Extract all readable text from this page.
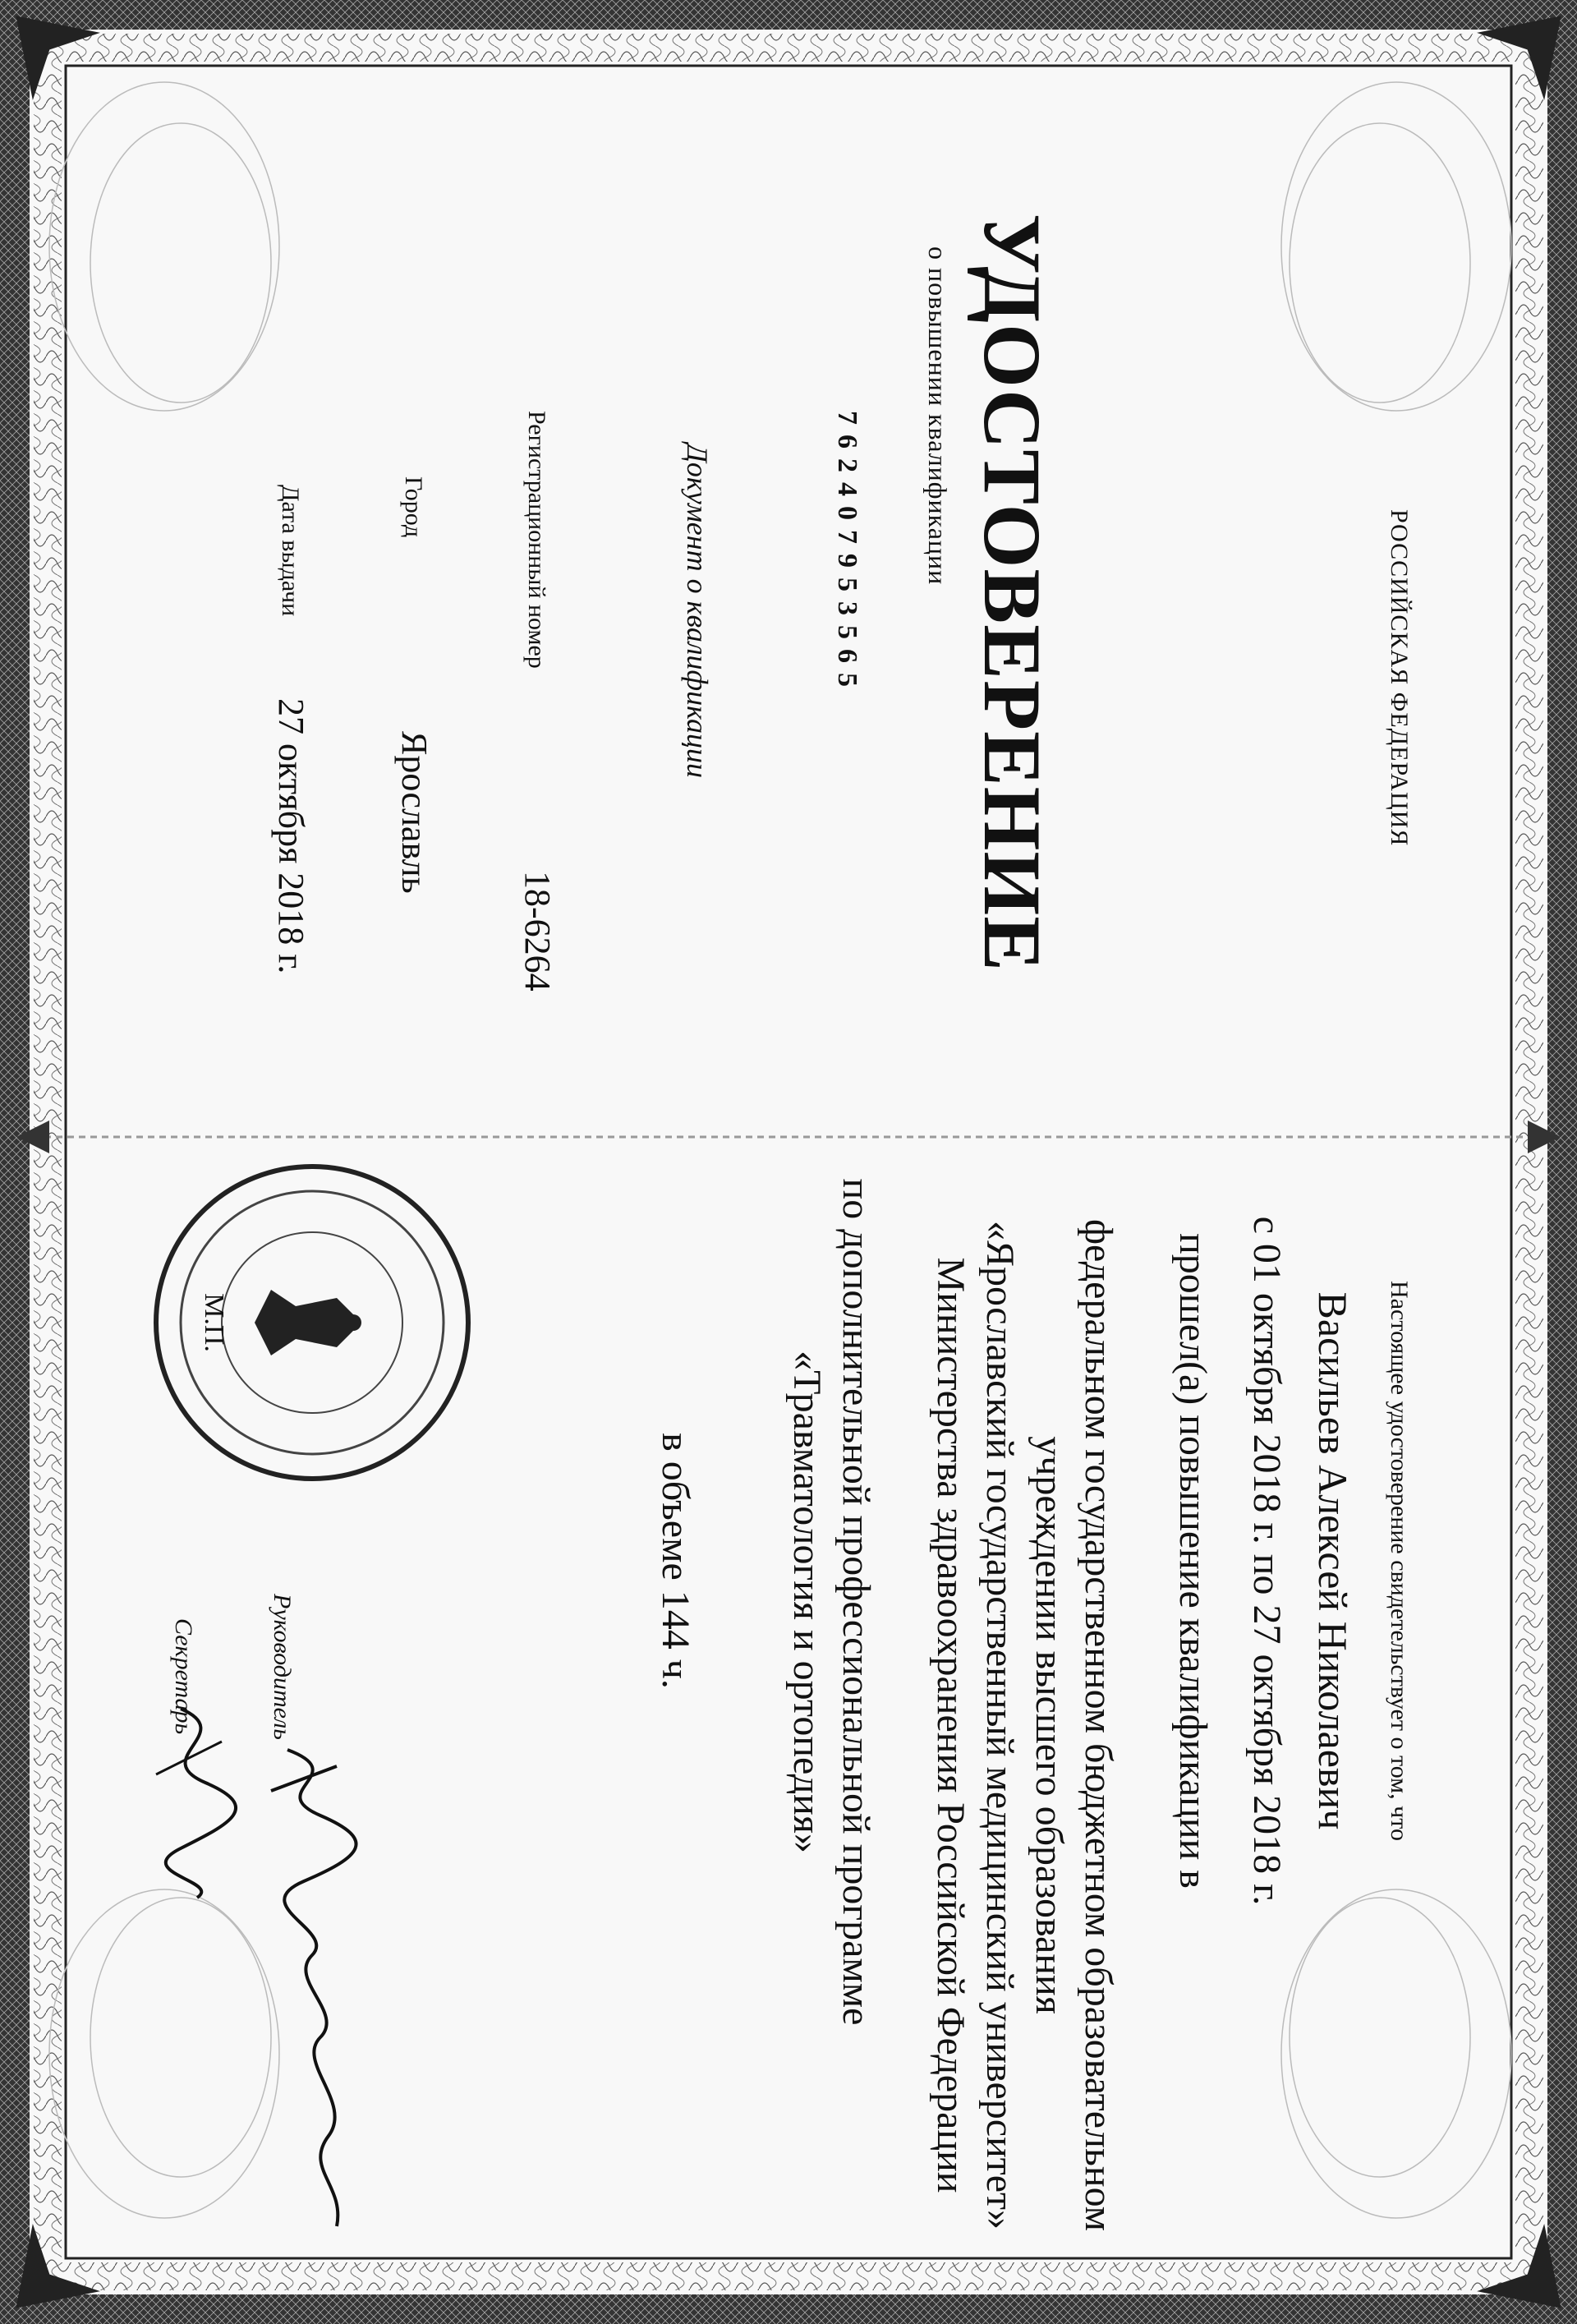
РОССИЙСКАЯ ФЕДЕРАЦИЯ
УДОСТОВЕРЕНИЕ
о повышении квалификации
762407953565
Документ о квалификации
Регистрационный номер
18-6264
Город
Ярославль
Дата выдачи
27 октября 2018 г.
Настоящее удостоверение свидетельствует о том, что
Васильев Алексей Николаевич
с 01 октября 2018 г. по 27 октября 2018 г.
прошел(а) повышение квалификации в
федеральном государственном бюджетном образовательном
учреждении высшего образования
«Ярославский государственный медицинский университет»
Министерства здравоохранения Российской Федерации
по дополнительной профессиональной программе
«Травматология и ортопедия»
в объеме 144 ч.
Руководитель
Секретарь
М.П.
